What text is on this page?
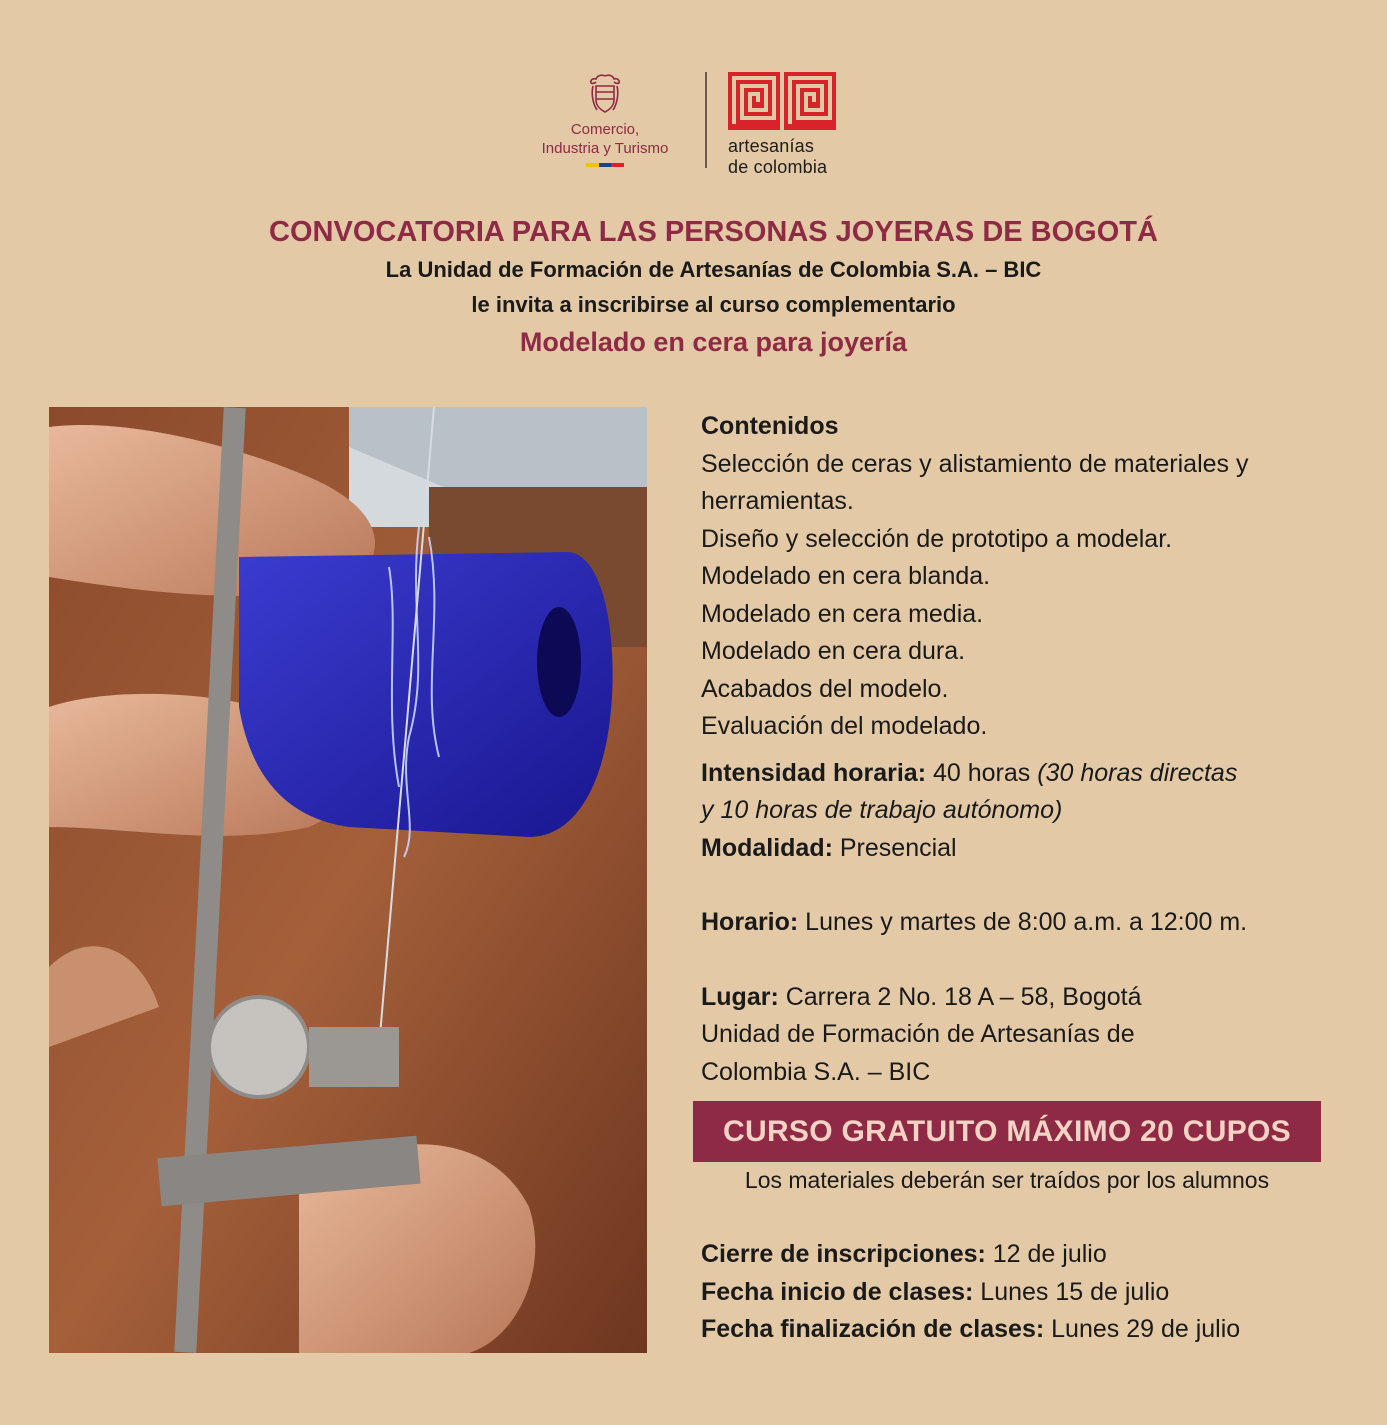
Comercio,
Industria y Turismo	artesanías
de colombia
CONVOCATORIA PARA LAS PERSONAS JOYERAS DE BOGOTÁ
La Unidad de Formación de Artesanías de Colombia S.A. – BIC
le invita a inscribirse al curso complementario
Modelado en cera para joyería

Contenidos

Selección de ceras y alistamiento de materiales y

herramientas.

Diseño y selección de prototipo a modelar.

Modelado en cera blanda.

Modelado en cera media.

Modelado en cera dura.

Acabados del modelo.

Evaluación del modelado.

Intensidad horaria: 40 horas (30 horas directas

y 10 horas de trabajo autónomo)

Modalidad: Presencial

Horario: Lunes y martes de 8:00 a.m. a 12:00 m.

Lugar: Carrera 2 No. 18 A – 58, Bogotá

Unidad de Formación de Artesanías de

Colombia S.A. – BIC

CURSO GRATUITO MÁXIMO 20 CUPOS
Los materiales deberán ser traídos por los alumnos

Cierre de inscripciones: 12 de julio

Fecha inicio de clases: Lunes 15 de julio

Fecha finalización de clases: Lunes 29 de julio
